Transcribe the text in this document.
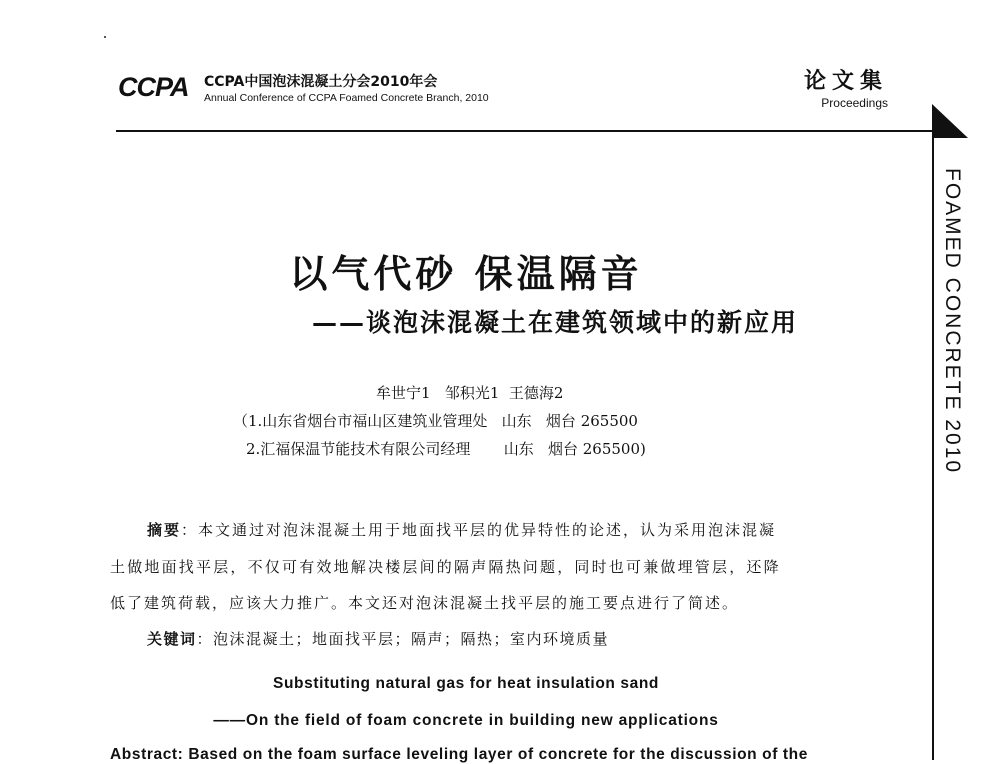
CCPA CCPA中国泡沫混凝土分会2010年会
Annual Conference of CCPA Foamed Concrete Branch, 2010
论文集
Proceedings
FOAMED CONCRETE 2010
以气代砂 保温隔音
——谈泡沫混凝土在建筑领域中的新应用
牟世宁1   邹积光1  王德海2
（1.山东省烟台市福山区建筑业管理处   山东   烟台 265500
2.汇福保温节能技术有限公司经理       山东   烟台 265500)
摘要：本文通过对泡沫混凝土用于地面找平层的优异特性的论述，认为采用泡沫混凝
土做地面找平层，不仅可有效地解决楼层间的隔声隔热问题，同时也可兼做埋管层，还降
低了建筑荷载，应该大力推广。本文还对泡沫混凝土找平层的施工要点进行了简述。
关键词：泡沫混凝土；地面找平层；隔声；隔热；室内环境质量
Substituting natural gas for heat insulation sand
——On the field of foam concrete in building new applications
Abstract: Based on the foam surface leveling layer of concrete for the discussion of the
